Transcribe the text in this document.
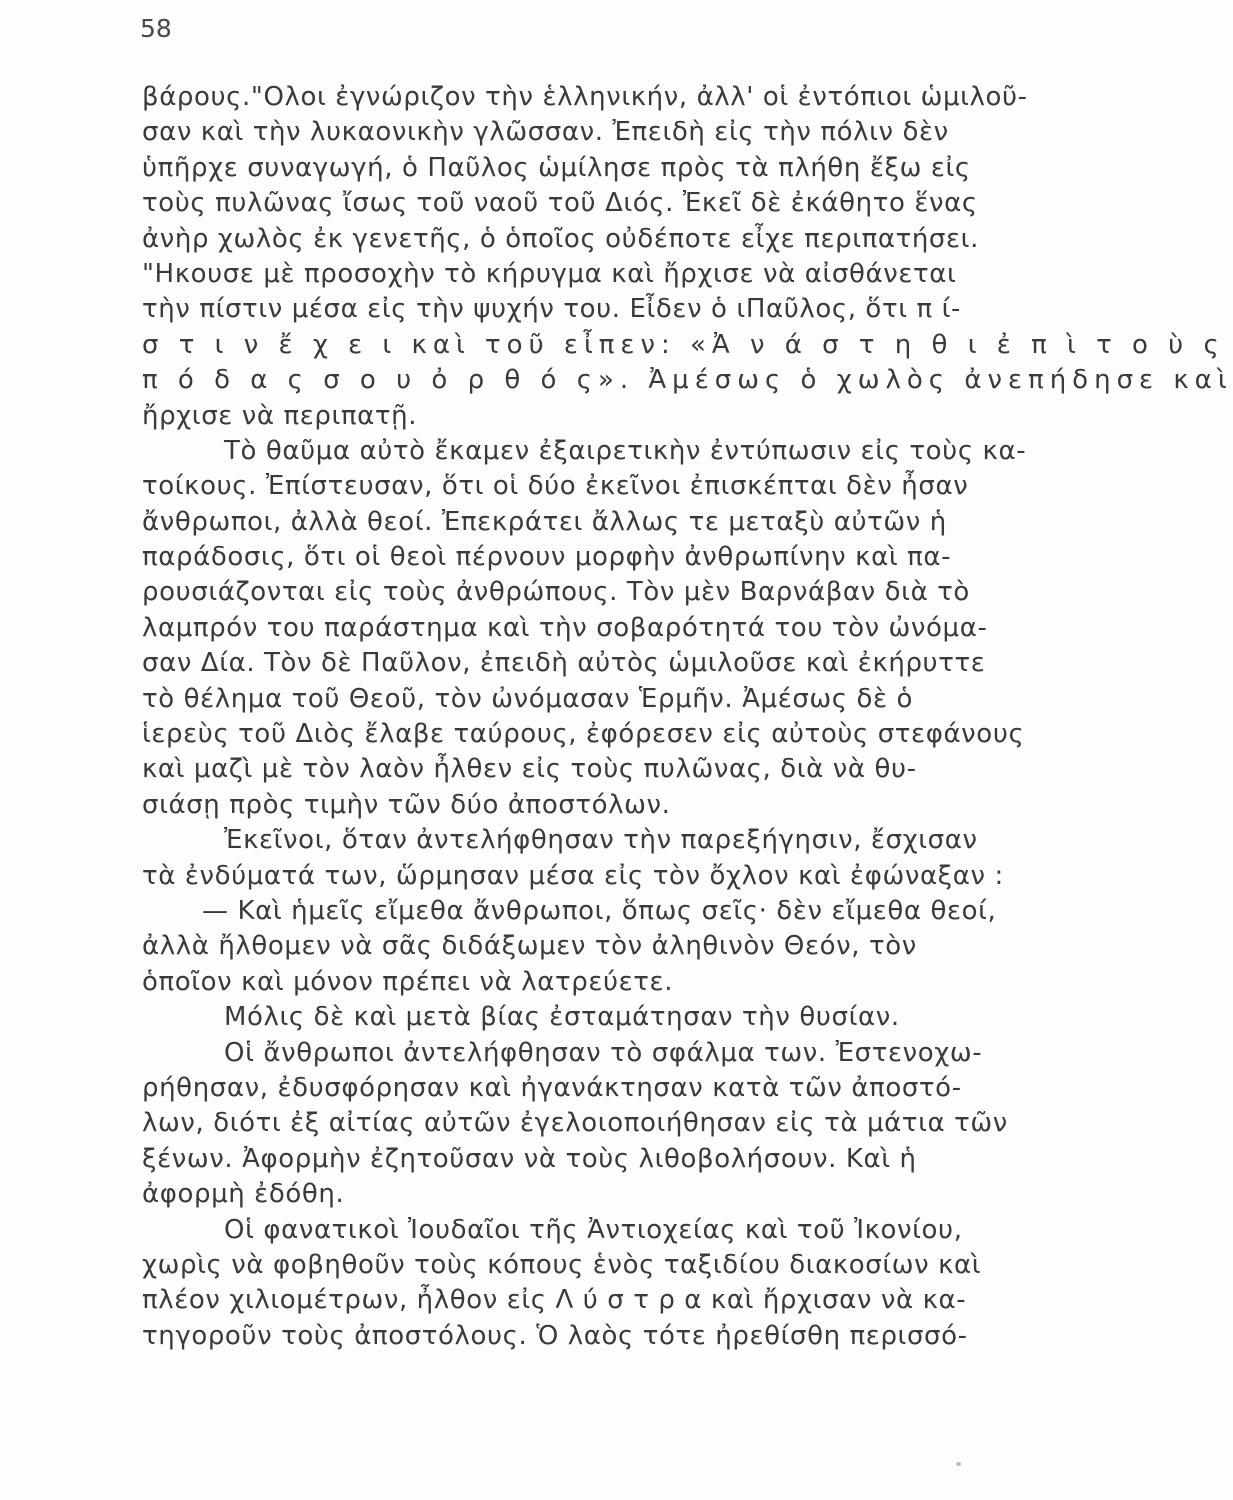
58
βάρους."Ολοι ἐγνώριζον τὴν ἑλληνικήν, ἀλλ' οἱ ἐντόπιοι ὡμιλοῦ-
σαν καὶ τὴν λυκαονικὴν γλῶσσαν. Ἐπειδὴ εἰς τὴν πόλιν δὲν
ὑπῆρχε συναγωγή, ὁ Παῦλος ὡμίλησε πρὸς τὰ πλήθη ἔξω εἰς
τοὺς πυλῶνας ἴσως τοῦ ναοῦ τοῦ Διός. Ἐκεῖ δὲ ἐκάθητο ἕνας
ἀνὴρ χωλὸς ἐκ γενετῆς, ὁ ὁποῖος οὐδέποτε εἶχε περιπατήσει.
"Ηκουσε μὲ προσοχὴν τὸ κήρυγμα καὶ ἤρχισε νὰ αἰσθάνεται
τὴν πίστιν μέσα εἰς τὴν ψυχήν του. Εἶδεν ὁ ιΠαῦλος, ὅτι π ί-
σ τ ι ν ἔ χ ε ι καὶ τοῦ εἶπεν: «Ἀ ν ά σ τ η θ ι ἐ π ὶ τ ο ὺ ς
π ό δ α ς σ ο υ ὀ ρ θ ό ς». Ἀμέσως ὁ χωλὸς ἀνεπήδησε καὶ
ἤρχισε νὰ περιπατῇ.
Τὸ θαῦμα αὐτὸ ἔκαμεν ἐξαιρετικὴν ἐντύπωσιν εἰς τοὺς κα-
τοίκους. Ἐπίστευσαν, ὅτι οἱ δύο ἐκεῖνοι ἐπισκέπται δὲν ἦσαν
ἄνθρωποι, ἀλλὰ θεοί. Ἐπεκράτει ἄλλως τε μεταξὺ αὐτῶν ἡ
παράδοσις, ὅτι οἱ θεοὶ πέρνουν μορφὴν ἀνθρωπίνην καὶ πα-
ρουσιάζονται εἰς τοὺς ἀνθρώπους. Τὸν μὲν Βαρνάβαν διὰ τὸ
λαμπρόν του παράστημα καὶ τὴν σοβαρότητά του τὸν ὠνόμα-
σαν Δία. Τὸν δὲ Παῦλον, ἐπειδὴ αὐτὸς ὡμιλοῦσε καὶ ἐκήρυττε
τὸ θέλημα τοῦ Θεοῦ, τὸν ὠνόμασαν Ἑρμῆν. Ἀμέσως δὲ ὁ
ἱερεὺς τοῦ Διὸς ἔλαβε ταύρους, ἐφόρεσεν εἰς αὐτοὺς στεφάνους
καὶ μαζὶ μὲ τὸν λαὸν ἦλθεν εἰς τοὺς πυλῶνας, διὰ νὰ θυ-
σιάσῃ πρὸς τιμὴν τῶν δύο ἀποστόλων.
Ἐκεῖνοι, ὅταν ἀντελήφθησαν τὴν παρεξήγησιν, ἔσχισαν
τὰ ἐνδύματά των, ὥρμησαν μέσα εἰς τὸν ὄχλον καὶ ἐφώναξαν :
— Καὶ ἡμεῖς εἴμεθα ἄνθρωποι, ὅπως σεῖς· δὲν εἴμεθα θεοί,
ἀλλὰ ἤλθομεν νὰ σᾶς διδάξωμεν τὸν ἀληθινὸν Θεόν, τὸν
ὁποῖον καὶ μόνον πρέπει νὰ λατρεύετε.
Μόλις δὲ καὶ μετὰ βίας ἐσταμάτησαν τὴν θυσίαν.
Οἱ ἄνθρωποι ἀντελήφθησαν τὸ σφάλμα των. Ἐστενοχω-
ρήθησαν, ἐδυσφόρησαν καὶ ἠγανάκτησαν κατὰ τῶν ἀποστό-
λων, διότι ἐξ αἰτίας αὐτῶν ἐγελοιοποιήθησαν εἰς τὰ μάτια τῶν
ξένων. Ἀφορμὴν ἐζητοῦσαν νὰ τοὺς λιθοβολήσουν. Καὶ ἡ
ἀφορμὴ ἐδόθη.
Οἱ φανατικοὶ Ἰουδαῖοι τῆς Ἀντιοχείας καὶ τοῦ Ἰκονίου,
χωρὶς νὰ φοβηθοῦν τοὺς κόπους ἑνὸς ταξιδίου διακοσίων καὶ
πλέον χιλιομέτρων, ἦλθον εἰς Λ ύ σ τ ρ α καὶ ἤρχισαν νὰ κα-
τηγοροῦν τοὺς ἀποστόλους. Ὁ λαὸς τότε ἠρεθίσθη περισσό-
